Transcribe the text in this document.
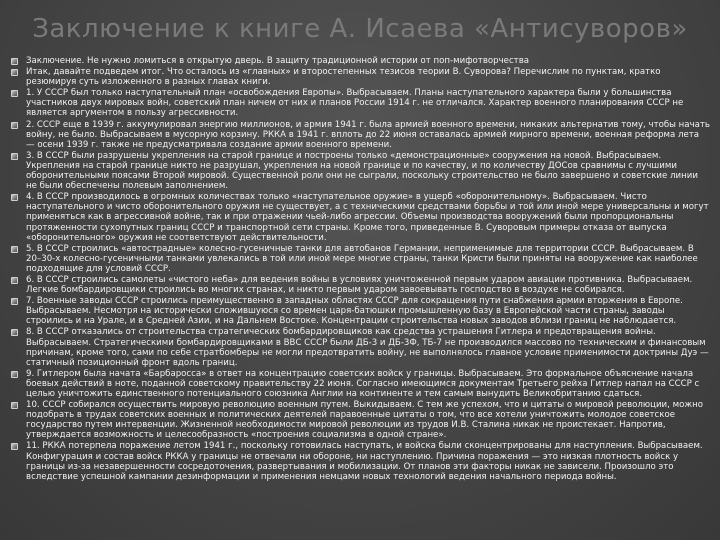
Заключение к книге А. Исаева «Антисуворов»
Заключение. Не нужно ломиться в открытую дверь. В защиту традиционной истории от поп-мифотворчества
Итак, давайте подведем итог. Что осталось из «главных» и второстепенных тезисов теории В. Суворова? Перечислим по пунктам, кратко резюмируя суть изложенного в разных главах книги.
1. У СССР был только наступательный план «освобождения Европы». Выбрасываем. Планы наступательного характера были у большинства участников двух мировых войн, советский план ничем от них и планов России 1914 г. не отличался. Характер военного планирования СССР не является аргументом в пользу агрессивности.
2. СССР еще в 1939 г. аккумулировал энергию миллионов, и армия 1941 г. была армией военного времени, никаких альтернатив тому, чтобы начать войну, не было. Выбрасываем в мусорную корзину. РККА в 1941 г. вплоть до 22 июня оставалась армией мирного времени, военная реформа лета — осени 1939 г. также не предусматривала создание армии военного времени.
3. В СССР были разрушены укрепления на старой границе и построены только «демонстрационные» сооружения на новой. Выбрасываем. Укрепления на старой границе никто не разрушал, укрепления на новой границе и по качеству, и по количеству ДОСов сравнимы с лучшими оборонительными поясами Второй мировой. Существенной роли они не сыграли, поскольку строительство не было завершено и советские линии не были обеспечены полевым заполнением.
4. В СССР производилось в огромных количествах только «наступательное оружие» в ущерб «оборонительному». Выбрасываем. Чисто наступательного и чисто оборонительного оружия не существует, а с техническими средствами борьбы и той или иной мере универсальны и могут применяться как в агрессивной войне, так и при отражении чьей-либо агрессии. Объемы производства вооружений были пропорциональны протяженности сухопутных границ СССР и транспортной сети страны. Кроме того, приведенные В. Суворовым примеры отказа от выпуска «оборонительного» оружия не соответствуют действительности.
5. В СССР строились «автострадные» колесно-гусеничные танки для автобанов Германии, неприменимые для территории СССР. Выбрасываем. В 20–30-х колесно-гусеничными танками увлекались в той или иной мере многие страны, танки Кристи были приняты на вооружение как наиболее подходящие для условий СССР.
6. В СССР строились самолеты «чистого неба» для ведения войны в условиях уничтоженной первым ударом авиации противника. Выбрасываем. Легкие бомбардировщики строились во многих странах, и никто первым ударом завоевывать господство в воздухе не собирался.
7. Военные заводы СССР строились преимущественно в западных областях СССР для сокращения пути снабжения армии вторжения в Европе. Выбрасываем. Несмотря на исторически сложившуюся со времен царя-батюшки промышленную базу в Европейской части страны, заводы строились и на Урале, и в Средней Азии, и на Дальнем Востоке. Концентрации строительства новых заводов вблизи границ не наблюдается.
8. В СССР отказались от строительства стратегических бомбардировщиков как средства устрашения Гитлера и предотвращения войны. Выбрасываем. Стратегическими бомбардировщиками в ВВС СССР были ДБ-3 и ДБ-3Ф, ТБ-7 не производился массово по техническим и финансовым причинам, кроме того, сами по себе стратбомберы не могли предотвратить войну, не выполнялось главное условие применимости доктрины Дуэ — статичный позиционный фронт вдоль границ.
9. Гитлером была начата «Барбаросса» в ответ на концентрацию советских войск у границы. Выбрасываем. Это формальное объяснение начала боевых действий в ноте, поданной советскому правительству 22 июня. Согласно имеющимся документам Третьего рейха Гитлер напал на СССР с целью уничтожить единственного потенциального союзника Англии на континенте и тем самым вынудить Великобританию сдаться.
10. СССР собирался осуществить мировую революцию военным путем. Выкидываем. С тем же успехом, что и цитаты о мировой революции, можно подобрать в трудах советских военных и политических деятелей паравоенные цитаты о том, что все хотели уничтожить молодое советское государство путем интервенции. Жизненной необходимости мировой революции из трудов И.В. Сталина никак не проистекает. Напротив, утверждается возможность и целесообразность «построения социализма в одной стране».
11. РККА потерпела поражение летом 1941 г., поскольку готовилась наступать, и войска были сконцентрированы для наступления. Выбрасываем. Конфигурация и состав войск РККА у границы не отвечали ни обороне, ни наступлению. Причина поражения — это низкая плотность войск у границы из-за незавершенности сосредоточения, развертывания и мобилизации. От планов эти факторы никак не зависели. Произошло это вследствие успешной кампании дезинформации и применения немцами новых технологий ведения начального периода войны.
